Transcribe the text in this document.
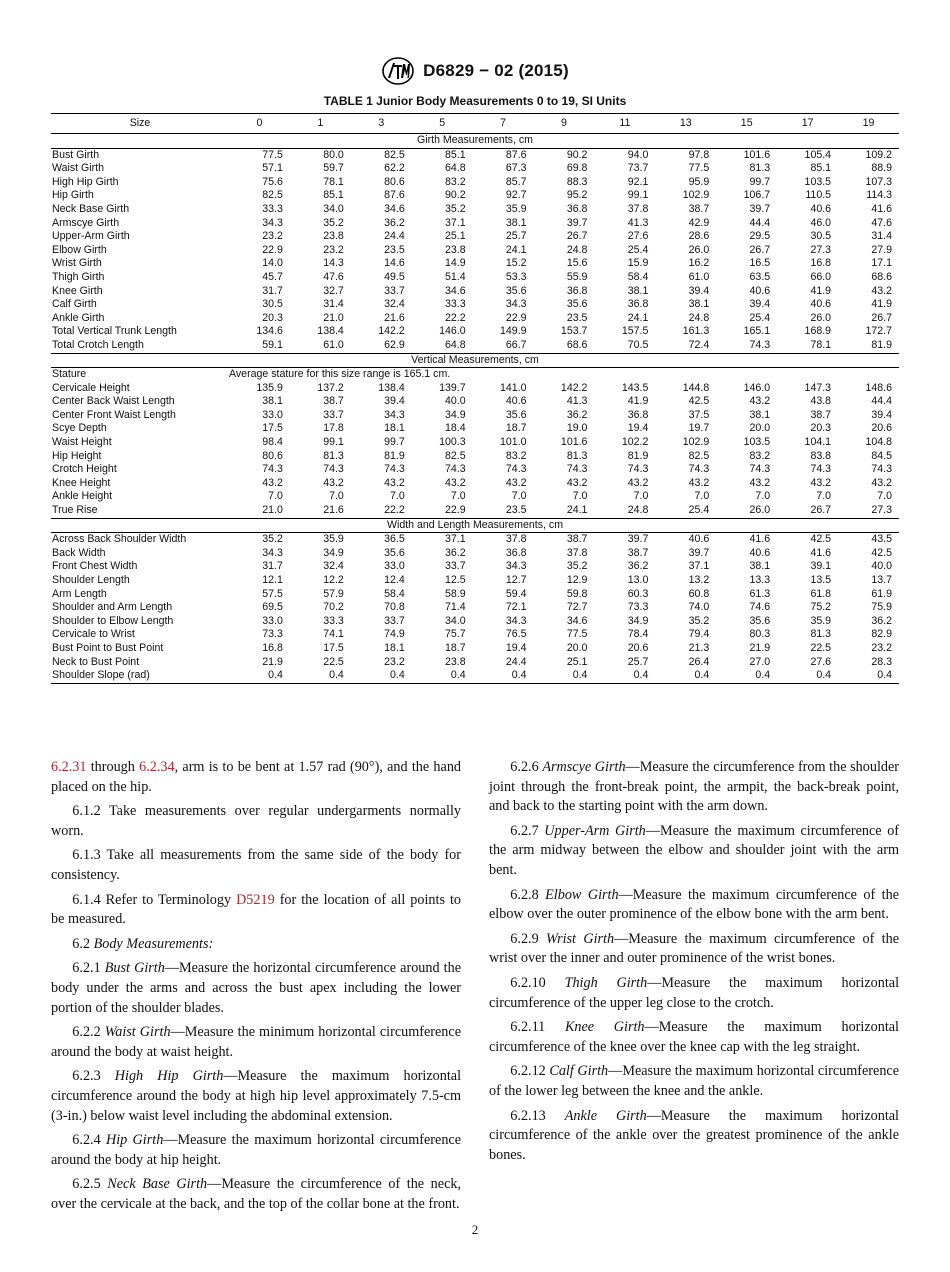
D6829 − 02 (2015)
TABLE 1 Junior Body Measurements 0 to 19, SI Units
Size	0	1	3	5	7	9	11	13	15	17	19
Girth Measurements, cm											
Bust Girth	77.5	80.0	82.5	85.1	87.6	90.2	94.0	97.8	101.6	105.4	109.2
Waist Girth	57.1	59.7	62.2	64.8	67.3	69.8	73.7	77.5	81.3	85.1	88.9
High Hip Girth	75.6	78.1	80.6	83.2	85.7	88.3	92.1	95.9	99.7	103.5	107.3
Hip Girth	82.5	85.1	87.6	90.2	92.7	95.2	99.1	102.9	106.7	110.5	114.3
Neck Base Girth	33.3	34.0	34.6	35.2	35.9	36.8	37.8	38.7	39.7	40.6	41.6
Armscye Girth	34.3	35.2	36.2	37.1	38.1	39.7	41.3	42.9	44.4	46.0	47.6
Upper-Arm Girth	23.2	23.8	24.4	25.1	25.7	26.7	27.6	28.6	29.5	30.5	31.4
Elbow Girth	22.9	23.2	23.5	23.8	24.1	24.8	25.4	26.0	26.7	27.3	27.9
Wrist Girth	14.0	14.3	14.6	14.9	15.2	15.6	15.9	16.2	16.5	16.8	17.1
Thigh Girth	45.7	47.6	49.5	51.4	53.3	55.9	58.4	61.0	63.5	66.0	68.6
Knee Girth	31.7	32.7	33.7	34.6	35.6	36.8	38.1	39.4	40.6	41.9	43.2
Calf Girth	30.5	31.4	32.4	33.3	34.3	35.6	36.8	38.1	39.4	40.6	41.9
Ankle Girth	20.3	21.0	21.6	22.2	22.9	23.5	24.1	24.8	25.4	26.0	26.7
Total Vertical Trunk Length	134.6	138.4	142.2	146.0	149.9	153.7	157.5	161.3	165.1	168.9	172.7
Total Crotch Length	59.1	61.0	62.9	64.8	66.7	68.6	70.5	72.4	74.3	78.1	81.9
Vertical Measurements, cm											
Stature	Average stature for this size range is 165.1 cm.										
Cervicale Height	135.9	137.2	138.4	139.7	141.0	142.2	143.5	144.8	146.0	147.3	148.6
Center Back Waist Length	38.1	38.7	39.4	40.0	40.6	41.3	41.9	42.5	43.2	43.8	44.4
Center Front Waist Length	33.0	33.7	34.3	34.9	35.6	36.2	36.8	37.5	38.1	38.7	39.4
Scye Depth	17.5	17.8	18.1	18.4	18.7	19.0	19.4	19.7	20.0	20.3	20.6
Waist Height	98.4	99.1	99.7	100.3	101.0	101.6	102.2	102.9	103.5	104.1	104.8
Hip Height	80.6	81.3	81.9	82.5	83.2	81.3	81.9	82.5	83.2	83.8	84.5
Crotch Height	74.3	74.3	74.3	74.3	74.3	74.3	74.3	74.3	74.3	74.3	74.3
Knee Height	43.2	43.2	43.2	43.2	43.2	43.2	43.2	43.2	43.2	43.2	43.2
Ankle Height	7.0	7.0	7.0	7.0	7.0	7.0	7.0	7.0	7.0	7.0	7.0
True Rise	21.0	21.6	22.2	22.9	23.5	24.1	24.8	25.4	26.0	26.7	27.3
Width and Length Measurements, cm											
Across Back Shoulder Width	35.2	35.9	36.5	37.1	37.8	38.7	39.7	40.6	41.6	42.5	43.5
Back Width	34.3	34.9	35.6	36.2	36.8	37.8	38.7	39.7	40.6	41.6	42.5
Front Chest Width	31.7	32.4	33.0	33.7	34.3	35.2	36.2	37.1	38.1	39.1	40.0
Shoulder Length	12.1	12.2	12.4	12.5	12.7	12.9	13.0	13.2	13.3	13.5	13.7
Arm Length	57.5	57.9	58.4	58.9	59.4	59.8	60.3	60.8	61.3	61.8	61.9
Shoulder and Arm Length	69.5	70.2	70.8	71.4	72.1	72.7	73.3	74.0	74.6	75.2	75.9
Shoulder to Elbow Length	33.0	33.3	33.7	34.0	34.3	34.6	34.9	35.2	35.6	35.9	36.2
Cervicale to Wrist	73.3	74.1	74.9	75.7	76.5	77.5	78.4	79.4	80.3	81.3	82.9
Bust Point to Bust Point	16.8	17.5	18.1	18.7	19.4	20.0	20.6	21.3	21.9	22.5	23.2
Neck to Bust Point	21.9	22.5	23.2	23.8	24.4	25.1	25.7	26.4	27.0	27.6	28.3
Shoulder Slope (rad)	0.4	0.4	0.4	0.4	0.4	0.4	0.4	0.4	0.4	0.4	0.4

6.2.31 through 6.2.34, arm is to be bent at 1.57 rad (90°), and the hand placed on the hip.

6.1.2 Take measurements over regular undergarments normally worn.

6.1.3 Take all measurements from the same side of the body for consistency.

6.1.4 Refer to Terminology D5219 for the location of all points to be measured.

6.2 Body Measurements:

6.2.1 Bust Girth—Measure the horizontal circumference around the body under the arms and across the bust apex including the lower portion of the shoulder blades.

6.2.2 Waist Girth—Measure the minimum horizontal circumference around the body at waist height.

6.2.3 High Hip Girth—Measure the maximum horizontal circumference around the body at high hip level approximately 7.5-cm (3-in.) below waist level including the abdominal extension.

6.2.4 Hip Girth—Measure the maximum horizontal circumference around the body at hip height.

6.2.5 Neck Base Girth—Measure the circumference of the neck, over the cervicale at the back, and the top of the collar bone at the front.

6.2.6 Armscye Girth—Measure the circumference from the shoulder joint through the front-break point, the armpit, the back-break point, and back to the starting point with the arm down.

6.2.7 Upper-Arm Girth—Measure the maximum circumference of the arm midway between the elbow and shoulder joint with the arm bent.

6.2.8 Elbow Girth—Measure the maximum circumference of the elbow over the outer prominence of the elbow bone with the arm bent.

6.2.9 Wrist Girth—Measure the maximum circumference of the wrist over the inner and outer prominence of the wrist bones.

6.2.10 Thigh Girth—Measure the maximum horizontal circumference of the upper leg close to the crotch.

6.2.11 Knee Girth—Measure the maximum horizontal circumference of the knee over the knee cap with the leg straight.

6.2.12 Calf Girth—Measure the maximum horizontal circumference of the lower leg between the knee and the ankle.

6.2.13 Ankle Girth—Measure the maximum horizontal circumference of the ankle over the greatest prominence of the ankle bones.

2
